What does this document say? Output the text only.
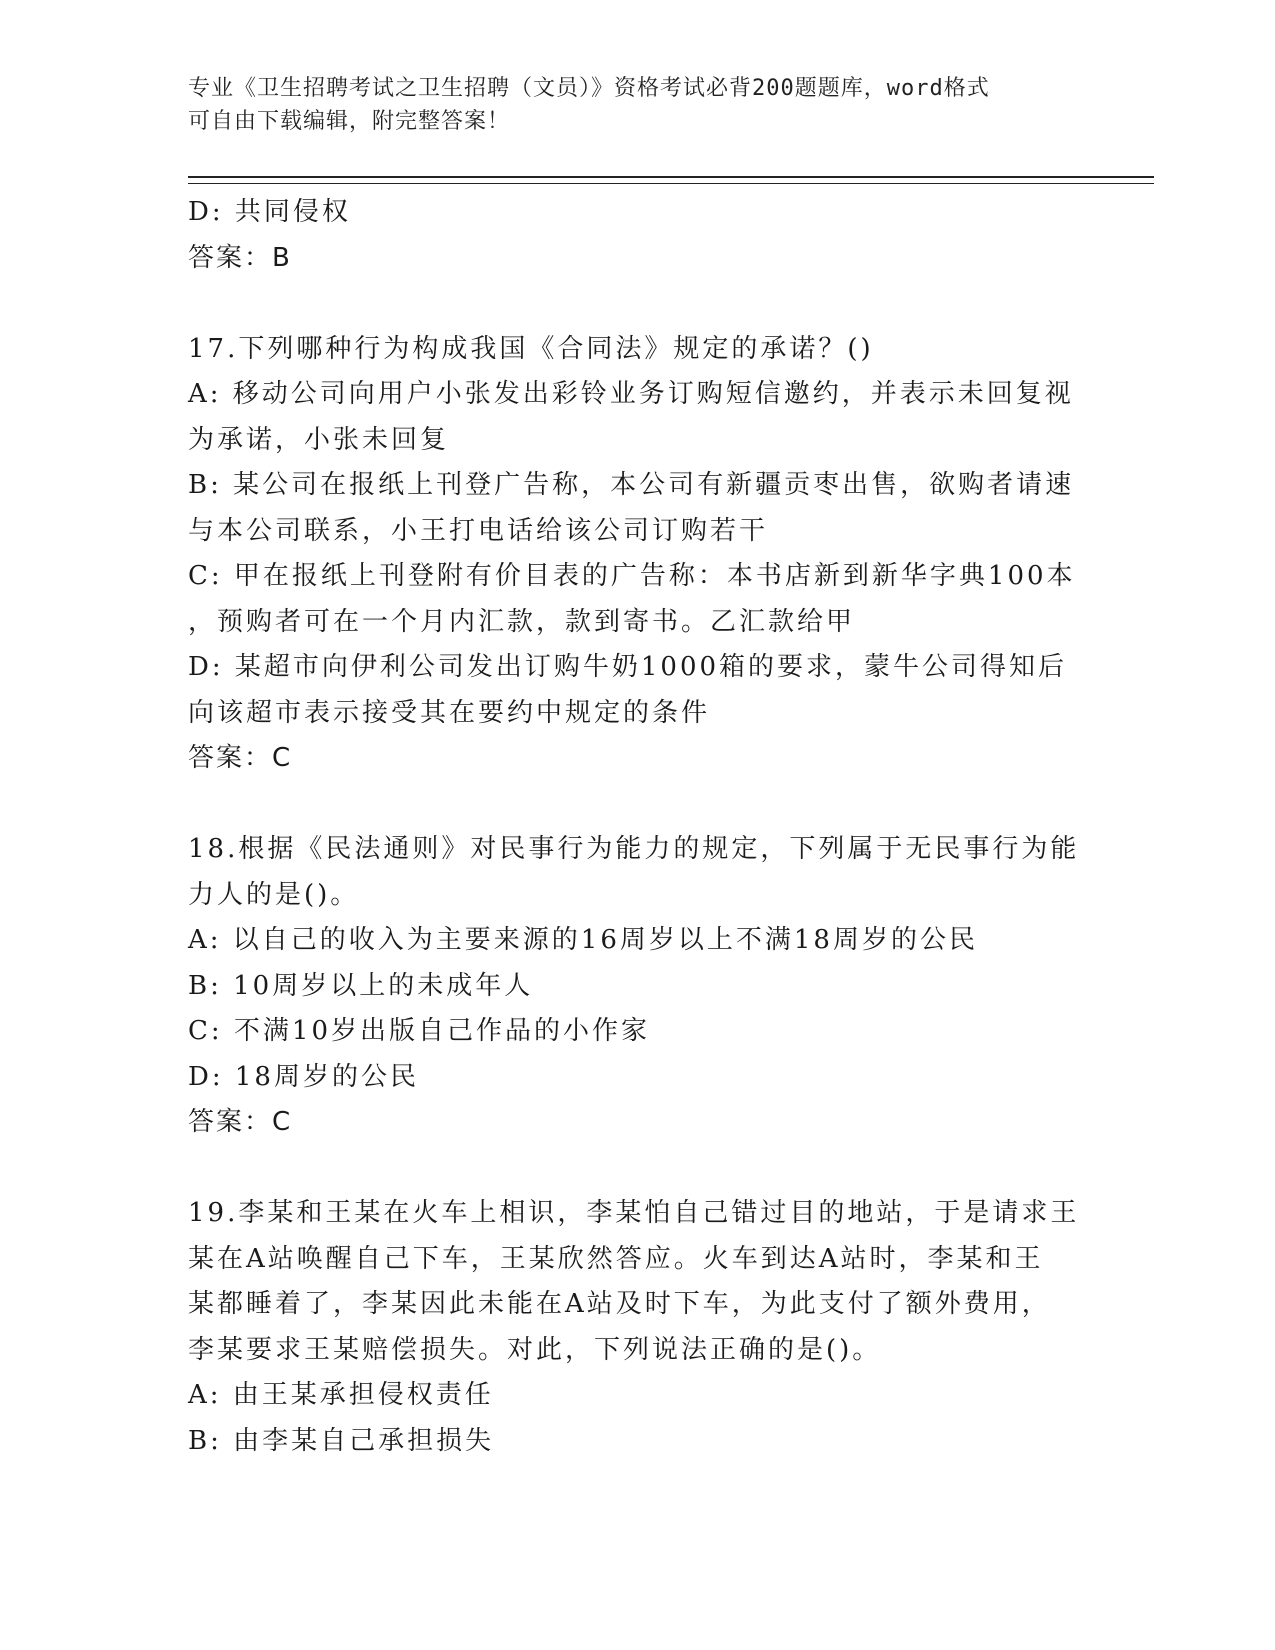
专业《卫生招聘考试之卫生招聘（文员）》资格考试必背200题题库，word格式
可自由下载编辑，附完整答案！
D: 共同侵权
答案：B
17.下列哪种行为构成我国《合同法》规定的承诺？()
A: 移动公司向用户小张发出彩铃业务订购短信邀约，并表示未回复视
为承诺，小张未回复
B: 某公司在报纸上刊登广告称，本公司有新疆贡枣出售，欲购者请速
与本公司联系，小王打电话给该公司订购若干
C: 甲在报纸上刊登附有价目表的广告称：本书店新到新华字典100本
，预购者可在一个月内汇款，款到寄书。乙汇款给甲
D: 某超市向伊利公司发出订购牛奶1000箱的要求，蒙牛公司得知后
向该超市表示接受其在要约中规定的条件
答案：C
18.根据《民法通则》对民事行为能力的规定，下列属于无民事行为能
力人的是()。
A: 以自己的收入为主要来源的16周岁以上不满18周岁的公民
B: 10周岁以上的未成年人
C: 不满10岁出版自己作品的小作家
D: 18周岁的公民
答案：C
19.李某和王某在火车上相识，李某怕自己错过目的地站，于是请求王
某在A站唤醒自己下车，王某欣然答应。火车到达A站时，李某和王
某都睡着了，李某因此未能在A站及时下车，为此支付了额外费用，
李某要求王某赔偿损失。对此，下列说法正确的是()。
A: 由王某承担侵权责任
B: 由李某自己承担损失
